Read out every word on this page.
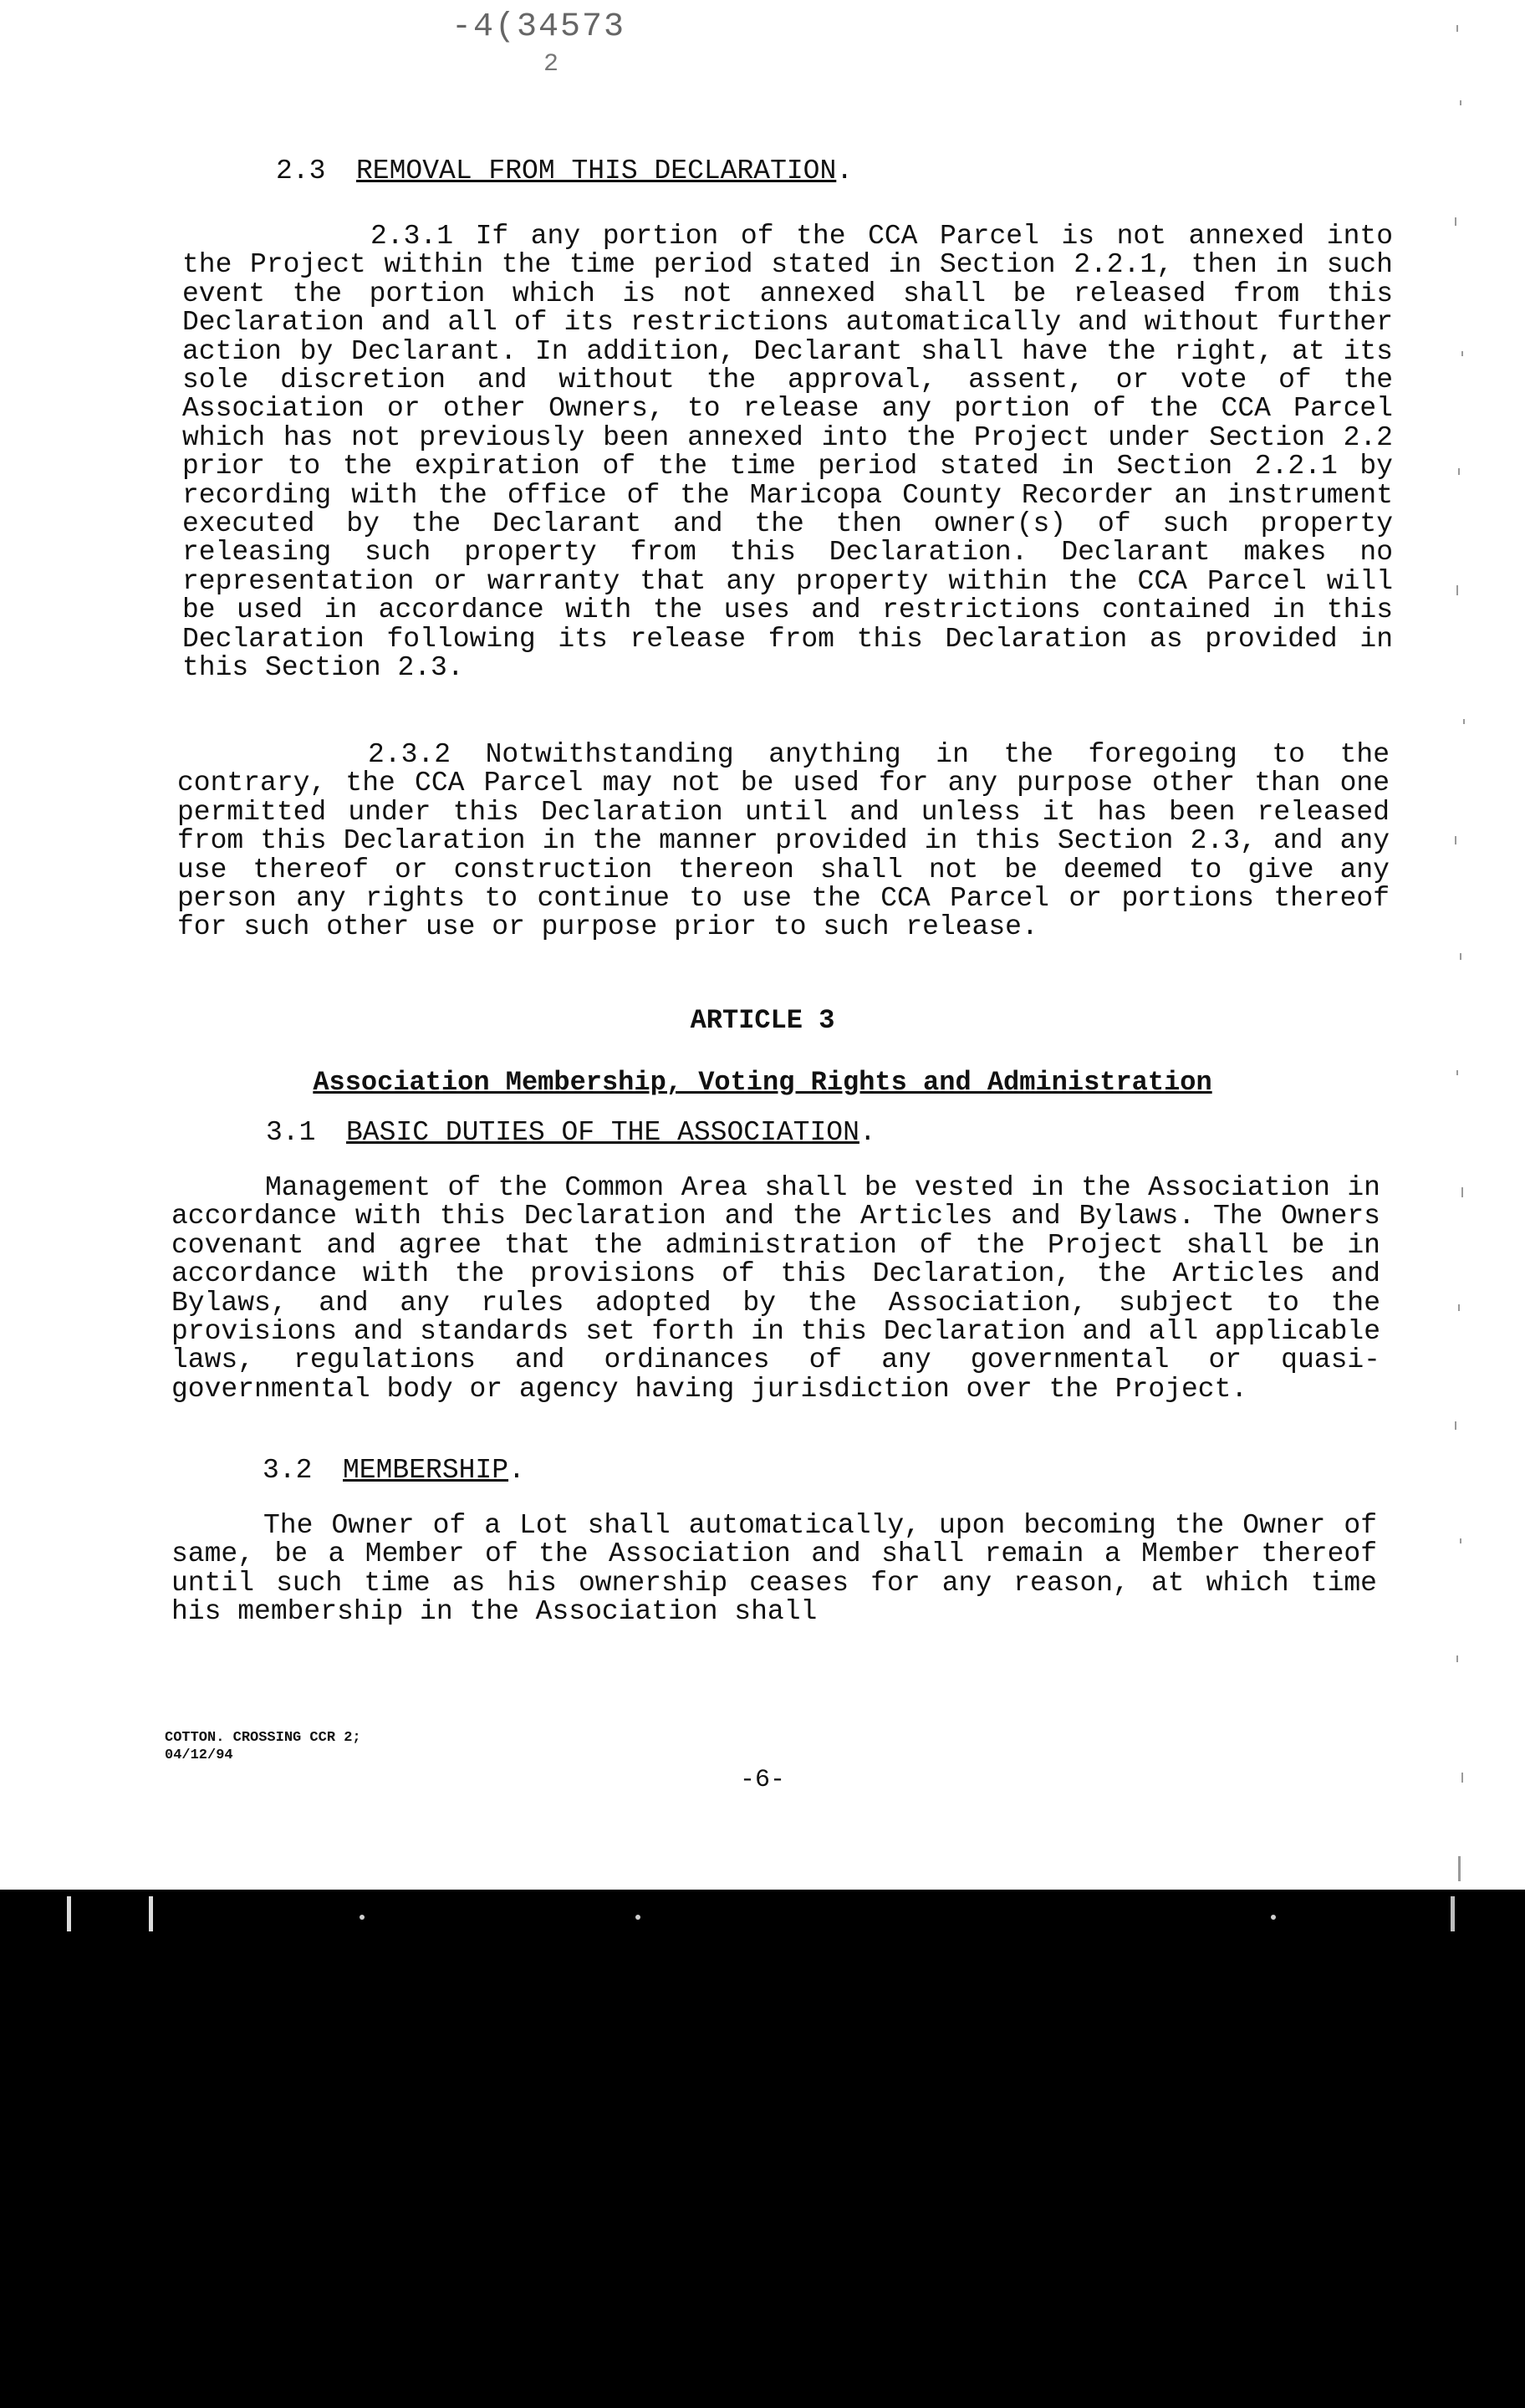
-4(34573
2
2.3 REMOVAL FROM THIS DECLARATION.

2.3.1 If any portion of the CCA Parcel is not annexed into the Project within the time period stated in Section 2.2.1, then in such event the portion which is not annexed shall be released from this Declaration and all of its restrictions automatically and without further action by Declarant. In addition, Declarant shall have the right, at its sole discretion and without the approval, assent, or vote of the Association or other Owners, to release any portion of the CCA Parcel which has not previously been annexed into the Project under Section 2.2 prior to the expiration of the time period stated in Section 2.2.1 by recording with the office of the Maricopa County Recorder an instrument executed by the Declarant and the then owner(s) of such property releasing such property from this Declaration. Declarant makes no representation or warranty that any property within the CCA Parcel will be used in accordance with the uses and restrictions contained in this Declaration following its release from this Declaration as provided in this Section 2.3.

2.3.2 Notwithstanding anything in the foregoing to the contrary, the CCA Parcel may not be used for any purpose other than one permitted under this Declaration until and unless it has been released from this Declaration in the manner provided in this Section 2.3, and any use thereof or construction thereon shall not be deemed to give any person any rights to continue to use the CCA Parcel or portions thereof for such other use or purpose prior to such release.

ARTICLE 3
Association Membership, Voting Rights and Administration
3.1 BASIC DUTIES OF THE ASSOCIATION.

Management of the Common Area shall be vested in the Association in accordance with this Declaration and the Articles and Bylaws. The Owners covenant and agree that the administration of the Project shall be in accordance with the provisions of this Declaration, the Articles and Bylaws, and any rules adopted by the Association, subject to the provisions and standards set forth in this Declaration and all applicable laws, regulations and ordinances of any governmental or quasi-governmental body or agency having jurisdiction over the Project.

3.2 MEMBERSHIP.

The Owner of a Lot shall automatically, upon becoming the Owner of same, be a Member of the Association and shall remain a Member thereof until such time as his ownership ceases for any reason, at which time his membership in the Association shall

COTTON. CROSSING CCR 2;
04/12/94
-6-
